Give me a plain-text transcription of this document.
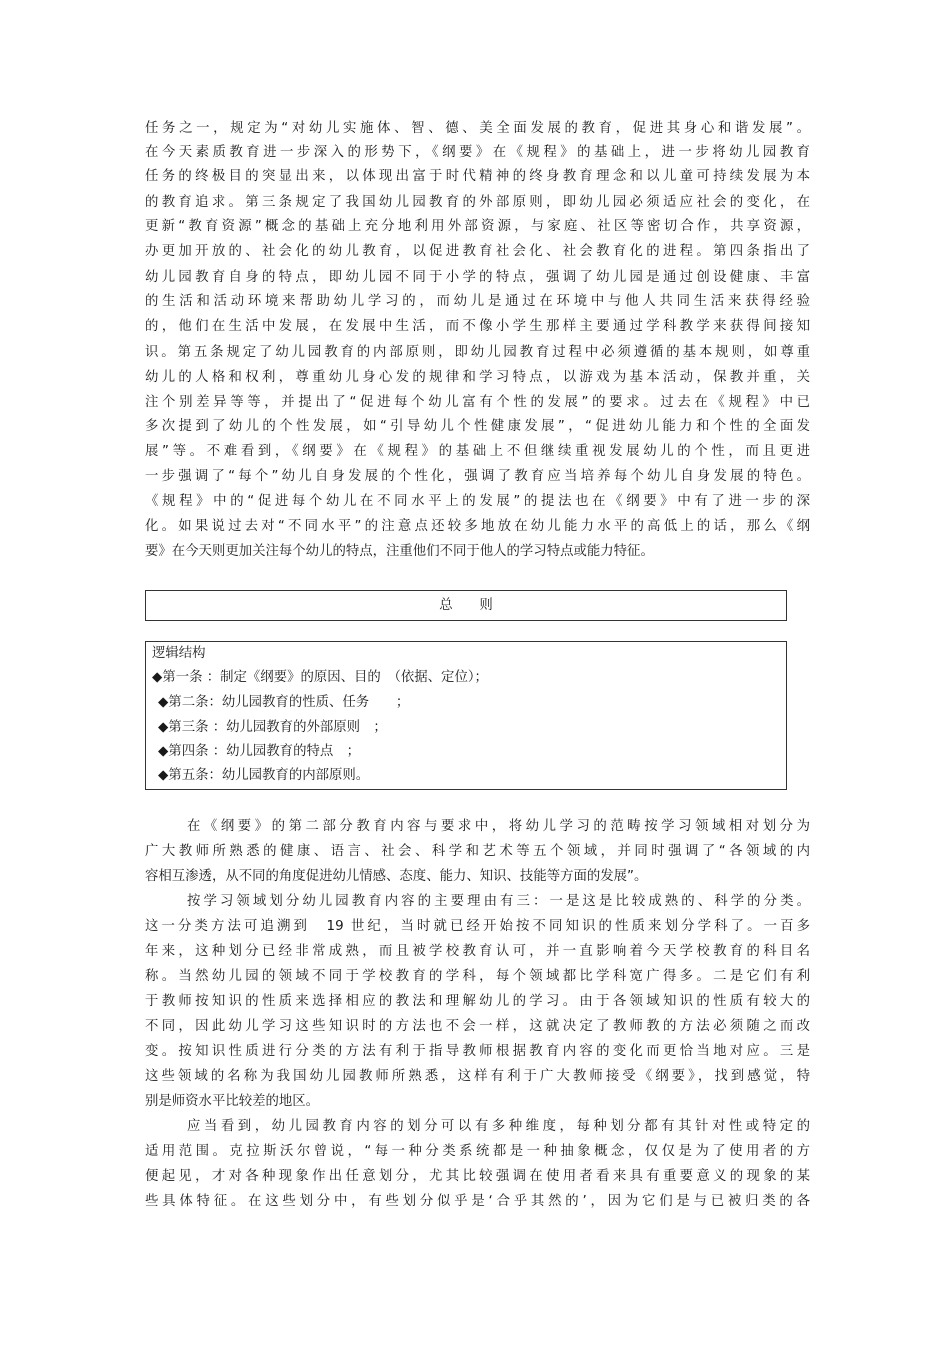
任务之一，规定为“对幼儿实施体、智、德、美全面发展的教育，促进其身心和谐发展”。
在今天素质教育进一步深入的形势下，《纲要》在《规程》的基础上，进一步将幼儿园教育
任务的终极目的突显出来，以体现出富于时代精神的终身教育理念和以儿童可持续发展为本
的教育追求。第三条规定了我国幼儿园教育的外部原则，即幼儿园必须适应社会的变化，在
更新“教育资源”概念的基础上充分地利用外部资源，与家庭、社区等密切合作，共享资源，
办更加开放的、社会化的幼儿教育，以促进教育社会化、社会教育化的进程。第四条指出了
幼儿园教育自身的特点，即幼儿园不同于小学的特点，强调了幼儿园是通过创设健康、丰富
的生活和活动环境来帮助幼儿学习的，而幼儿是通过在环境中与他人共同生活来获得经验
的，他们在生活中发展，在发展中生活，而不像小学生那样主要通过学科教学来获得间接知
识。第五条规定了幼儿园教育的内部原则，即幼儿园教育过程中必须遵循的基本规则，如尊重
幼儿的人格和权利，尊重幼儿身心发的规律和学习特点，以游戏为基本活动，保教并重，关
注个别差异等等，并提出了“促进每个幼儿富有个性的发展”的要求。过去在《规程》中已
多次提到了幼儿的个性发展，如“引导幼儿个性健康发展”，“促进幼儿能力和个性的全面发
展”等。不难看到，《纲要》在《规程》的基础上不但继续重视发展幼儿的个性，而且更进
一步强调了“每个”幼儿自身发展的个性化，强调了教育应当培养每个幼儿自身发展的特色。
《规程》中的“促进每个幼儿在不同水平上的发展”的提法也在《纲要》中有了进一步的深
化。如果说过去对“不同水平”的注意点还较多地放在幼儿能力水平的高低上的话，那么《纲
要》在今天则更加关注每个幼儿的特点，注重他们不同于他人的学习特点或能力特征。
总　　则
逻辑结构
◆第一条 ：制定《纲要》的原因、目的　（依据、定位）；
◆第二条：幼儿园教育的性质、任务　　；
◆第三条 ：幼儿园教育的外部原则　；
◆第四条 ：幼儿园教育的特点　；
◆第五条：幼儿园教育的内部原则。
在《纲要》的第二部分教育内容与要求中，将幼儿学习的范畴按学习领域相对划分为
广大教师所熟悉的健康、语言、社会、科学和艺术等五个领域，并同时强调了“各领域的内
容相互渗透，从不同的角度促进幼儿情感、态度、能力、知识、技能等方面的发展”。
按学习领域划分幼儿园教育内容的主要理由有三：一是这是比较成熟的、科学的分类。
这一分类方法可追溯到　19 世纪，当时就已经开始按不同知识的性质来划分学科了。一百多
年来，这种划分已经非常成熟，而且被学校教育认可，并一直影响着今天学校教育的科目名
称。当然幼儿园的领域不同于学校教育的学科，每个领域都比学科宽广得多。二是它们有利
于教师按知识的性质来选择相应的教法和理解幼儿的学习。由于各领域知识的性质有较大的
不同，因此幼儿学习这些知识时的方法也不会一样，这就决定了教师教的方法必须随之而改
变。按知识性质进行分类的方法有利于指导教师根据教育内容的变化而更恰当地对应。三是
这些领域的名称为我国幼儿园教师所熟悉，这样有利于广大教师接受《纲要》，找到感觉，特
别是师资水平比较差的地区。
应当看到，幼儿园教育内容的划分可以有多种维度，每种划分都有其针对性或特定的
适用范围。克拉斯沃尔曾说，“每一种分类系统都是一种抽象概念，仅仅是为了使用者的方
便起见，才对各种现象作出任意划分，尤其比较强调在使用者看来具有重要意义的现象的某
些具体特征。在这些划分中，有些划分似乎是‘合乎其然的’，因为它们是与已被归类的各
